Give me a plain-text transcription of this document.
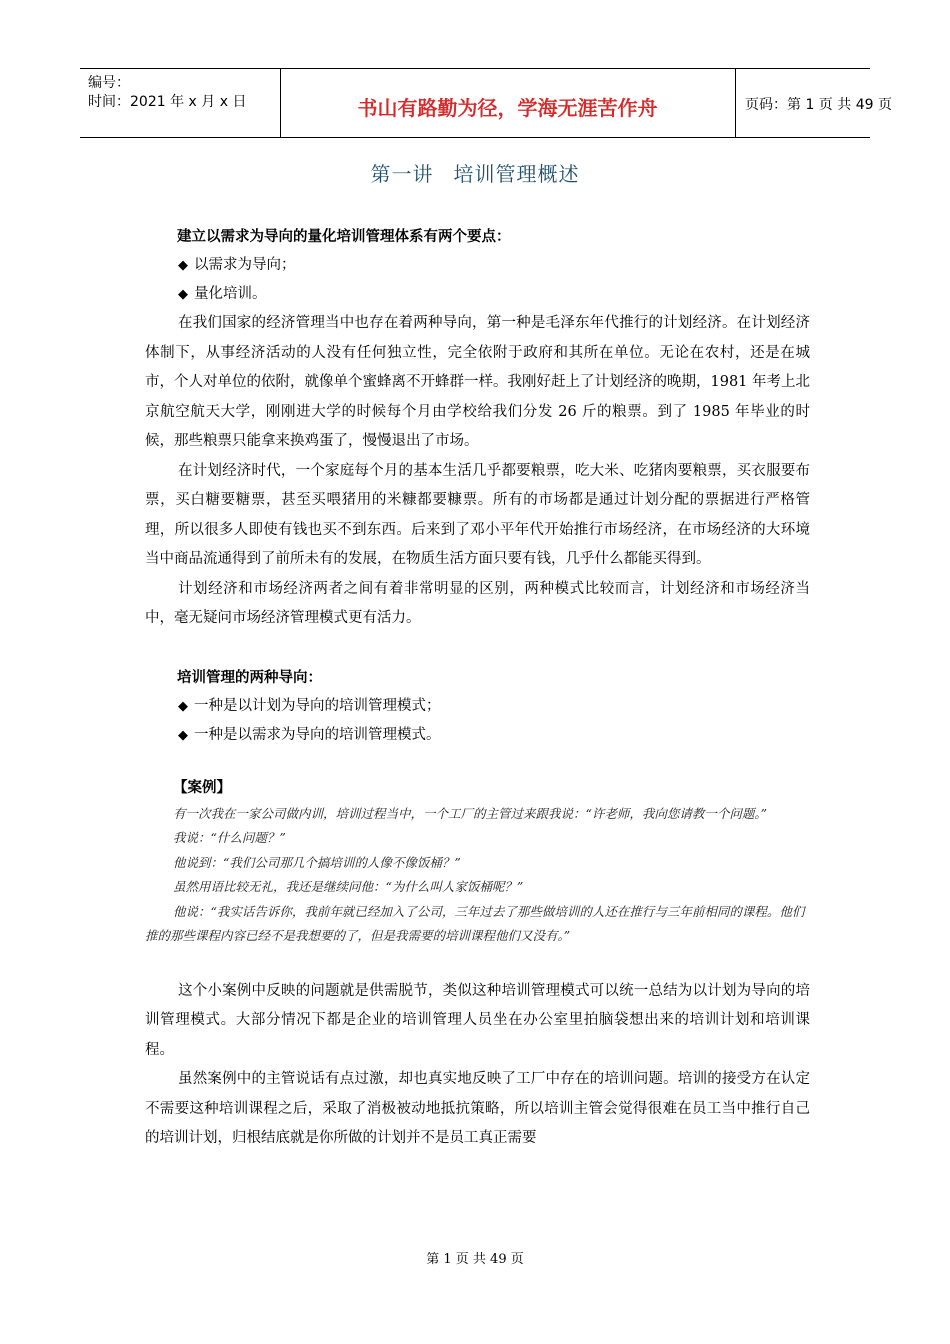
编号：
时间：2021 年 x 月 x 日	书山有路勤为径，学海无涯苦作舟	页码：第 1 页 共 49 页
第一讲 培训管理概述
建立以需求为导向的量化培训管理体系有两个要点：
◆ 以需求为导向；
◆ 量化培训。

在我们国家的经济管理当中也存在着两种导向，第一种是毛泽东年代推行的计划经济。在计划经济体制下，从事经济活动的人没有任何独立性，完全依附于政府和其所在单位。无论在农村，还是在城市，个人对单位的依附，就像单个蜜蜂离不开蜂群一样。我刚好赶上了计划经济的晚期，1981 年考上北京航空航天大学，刚刚进大学的时候每个月由学校给我们分发 26 斤的粮票。到了 1985 年毕业的时候，那些粮票只能拿来换鸡蛋了，慢慢退出了市场。

在计划经济时代，一个家庭每个月的基本生活几乎都要粮票，吃大米、吃猪肉要粮票，买衣服要布票，买白糖要糖票，甚至买喂猪用的米糠都要糠票。所有的市场都是通过计划分配的票据进行严格管理，所以很多人即使有钱也买不到东西。后来到了邓小平年代开始推行市场经济，在市场经济的大环境当中商品流通得到了前所未有的发展，在物质生活方面只要有钱，几乎什么都能买得到。

计划经济和市场经济两者之间有着非常明显的区别，两种模式比较而言，计划经济和市场经济当中，毫无疑问市场经济管理模式更有活力。

培训管理的两种导向：
◆ 一种是以计划为导向的培训管理模式；
◆ 一种是以需求为导向的培训管理模式。
【案例】

有一次我在一家公司做内训，培训过程当中，一个工厂的主管过来跟我说：“许老师，我向您请教一个问题。”

我说：“什么问题？”

他说到：“我们公司那几个搞培训的人像不像饭桶？”

虽然用语比较无礼，我还是继续问他：“为什么叫人家饭桶呢？”

他说：“我实话告诉你，我前年就已经加入了公司，三年过去了那些做培训的人还在推行与三年前相同的课程。他们推的那些课程内容已经不是我想要的了，但是我需要的培训课程他们又没有。”

这个小案例中反映的问题就是供需脱节，类似这种培训管理模式可以统一总结为以计划为导向的培训管理模式。大部分情况下都是企业的培训管理人员坐在办公室里拍脑袋想出来的培训计划和培训课程。

虽然案例中的主管说话有点过激，却也真实地反映了工厂中存在的培训问题。培训的接受方在认定不需要这种培训课程之后，采取了消极被动地抵抗策略，所以培训主管会觉得很难在员工当中推行自己的培训计划，归根结底就是你所做的计划并不是员工真正需要

第 1 页 共 49 页
